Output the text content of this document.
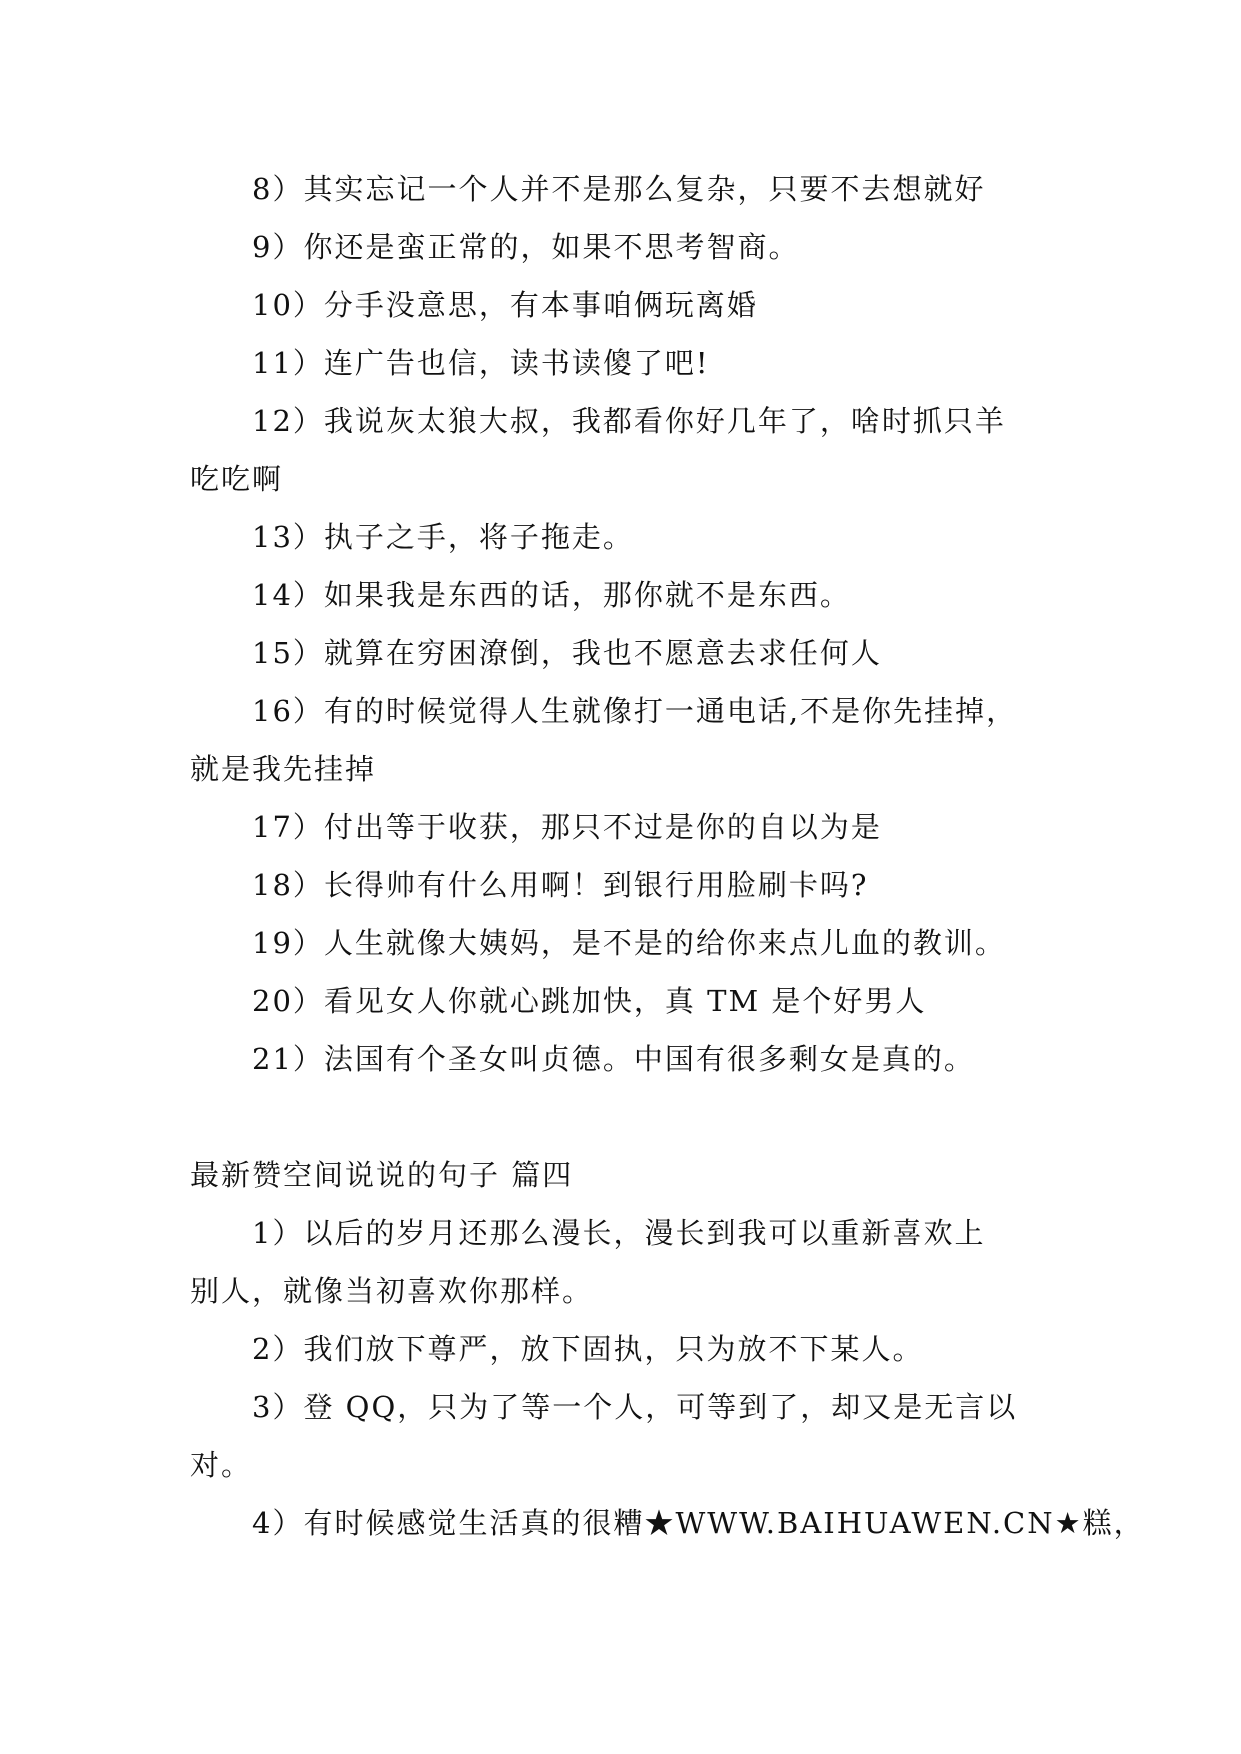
8）其实忘记一个人并不是那么复杂，只要不去想就好
9）你还是蛮正常的，如果不思考智商。
10）分手没意思，有本事咱俩玩离婚
11）连广告也信，读书读傻了吧!
12）我说灰太狼大叔，我都看你好几年了，啥时抓只羊
吃吃啊
13）执子之手，将子拖走。
14）如果我是东西的话，那你就不是东西。
15）就算在穷困潦倒，我也不愿意去求任何人
16）有的时候觉得人生就像打一通电话,不是你先挂掉，
就是我先挂掉
17）付出等于收获，那只不过是你的自以为是
18）长得帅有什么用啊！到银行用脸刷卡吗?
19）人生就像大姨妈，是不是的给你来点儿血的教训。
20）看见女人你就心跳加快，真 TM 是个好男人
21）法国有个圣女叫贞德。中国有很多剩女是真的。
最新赞空间说说的句子 篇四
1）以后的岁月还那么漫长，漫长到我可以重新喜欢上
别人，就像当初喜欢你那样。
2）我们放下尊严，放下固执，只为放不下某人。
3）登 QQ，只为了等一个人，可等到了，却又是无言以
对。
4）有时候感觉生活真的很糟★WWW.BAIHUAWEN.CN★糕，
